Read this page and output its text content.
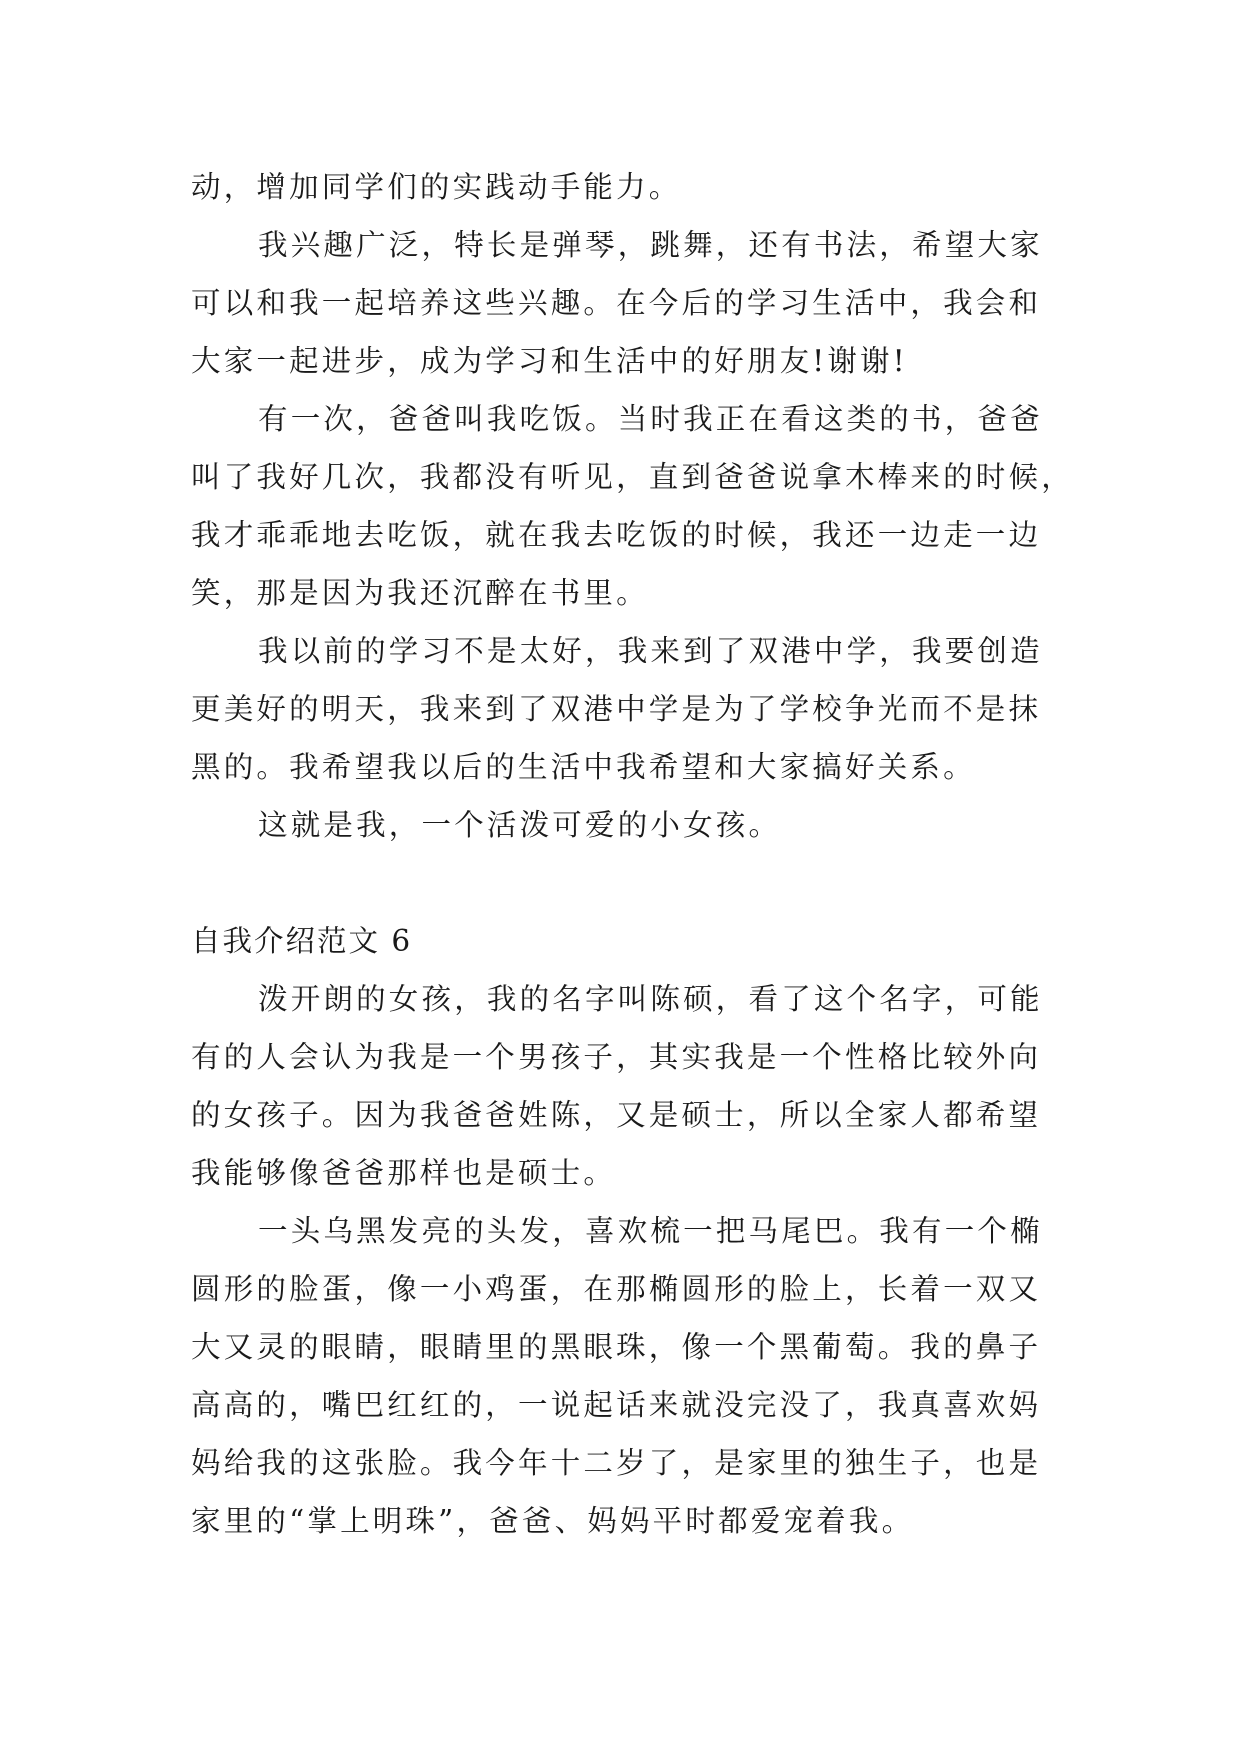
动，增加同学们的实践动手能力。
我兴趣广泛，特长是弹琴，跳舞，还有书法，希望大家
可以和我一起培养这些兴趣。在今后的学习生活中，我会和
大家一起进步，成为学习和生活中的好朋友!谢谢!
有一次，爸爸叫我吃饭。当时我正在看这类的书，爸爸
叫了我好几次，我都没有听见，直到爸爸说拿木棒来的时候，
我才乖乖地去吃饭，就在我去吃饭的时候，我还一边走一边
笑，那是因为我还沉醉在书里。
我以前的学习不是太好，我来到了双港中学，我要创造
更美好的明天，我来到了双港中学是为了学校争光而不是抹
黑的。我希望我以后的生活中我希望和大家搞好关系。
这就是我，一个活泼可爱的小女孩。
自我介绍范文 6
泼开朗的女孩，我的名字叫陈硕，看了这个名字，可能
有的人会认为我是一个男孩子，其实我是一个性格比较外向
的女孩子。因为我爸爸姓陈，又是硕士，所以全家人都希望
我能够像爸爸那样也是硕士。
一头乌黑发亮的头发，喜欢梳一把马尾巴。我有一个椭
圆形的脸蛋，像一小鸡蛋，在那椭圆形的脸上，长着一双又
大又灵的眼睛，眼睛里的黑眼珠，像一个黑葡萄。我的鼻子
高高的，嘴巴红红的，一说起话来就没完没了，我真喜欢妈
妈给我的这张脸。我今年十二岁了，是家里的独生子，也是
家里的“掌上明珠”，爸爸、妈妈平时都爱宠着我。
